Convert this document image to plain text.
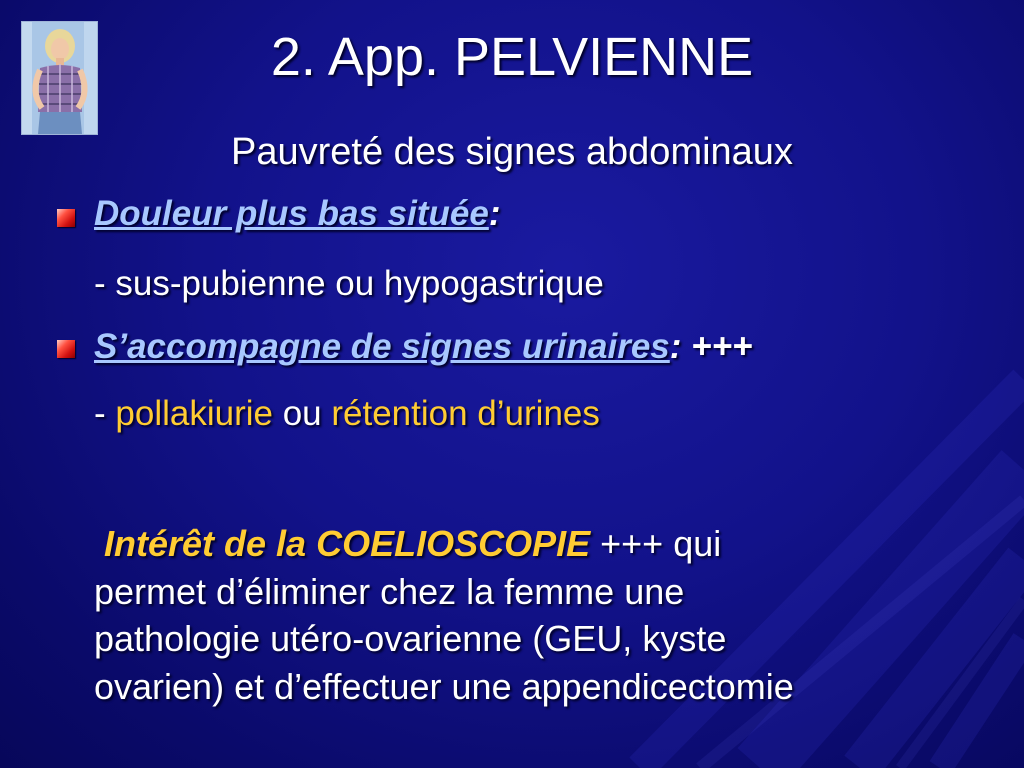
2. App. PELVIENNE
Pauvreté des signes abdominaux
Douleur plus bas située:
- sus-pubienne ou hypogastrique
S’accompagne de signes urinaires: +++
- pollakiurie ou rétention d’urines
Intérêt de la COELIOSCOPIE +++ qui
permet d’éliminer chez la femme une
pathologie utéro-ovarienne (GEU, kyste
ovarien) et d’effectuer une appendicectomie
